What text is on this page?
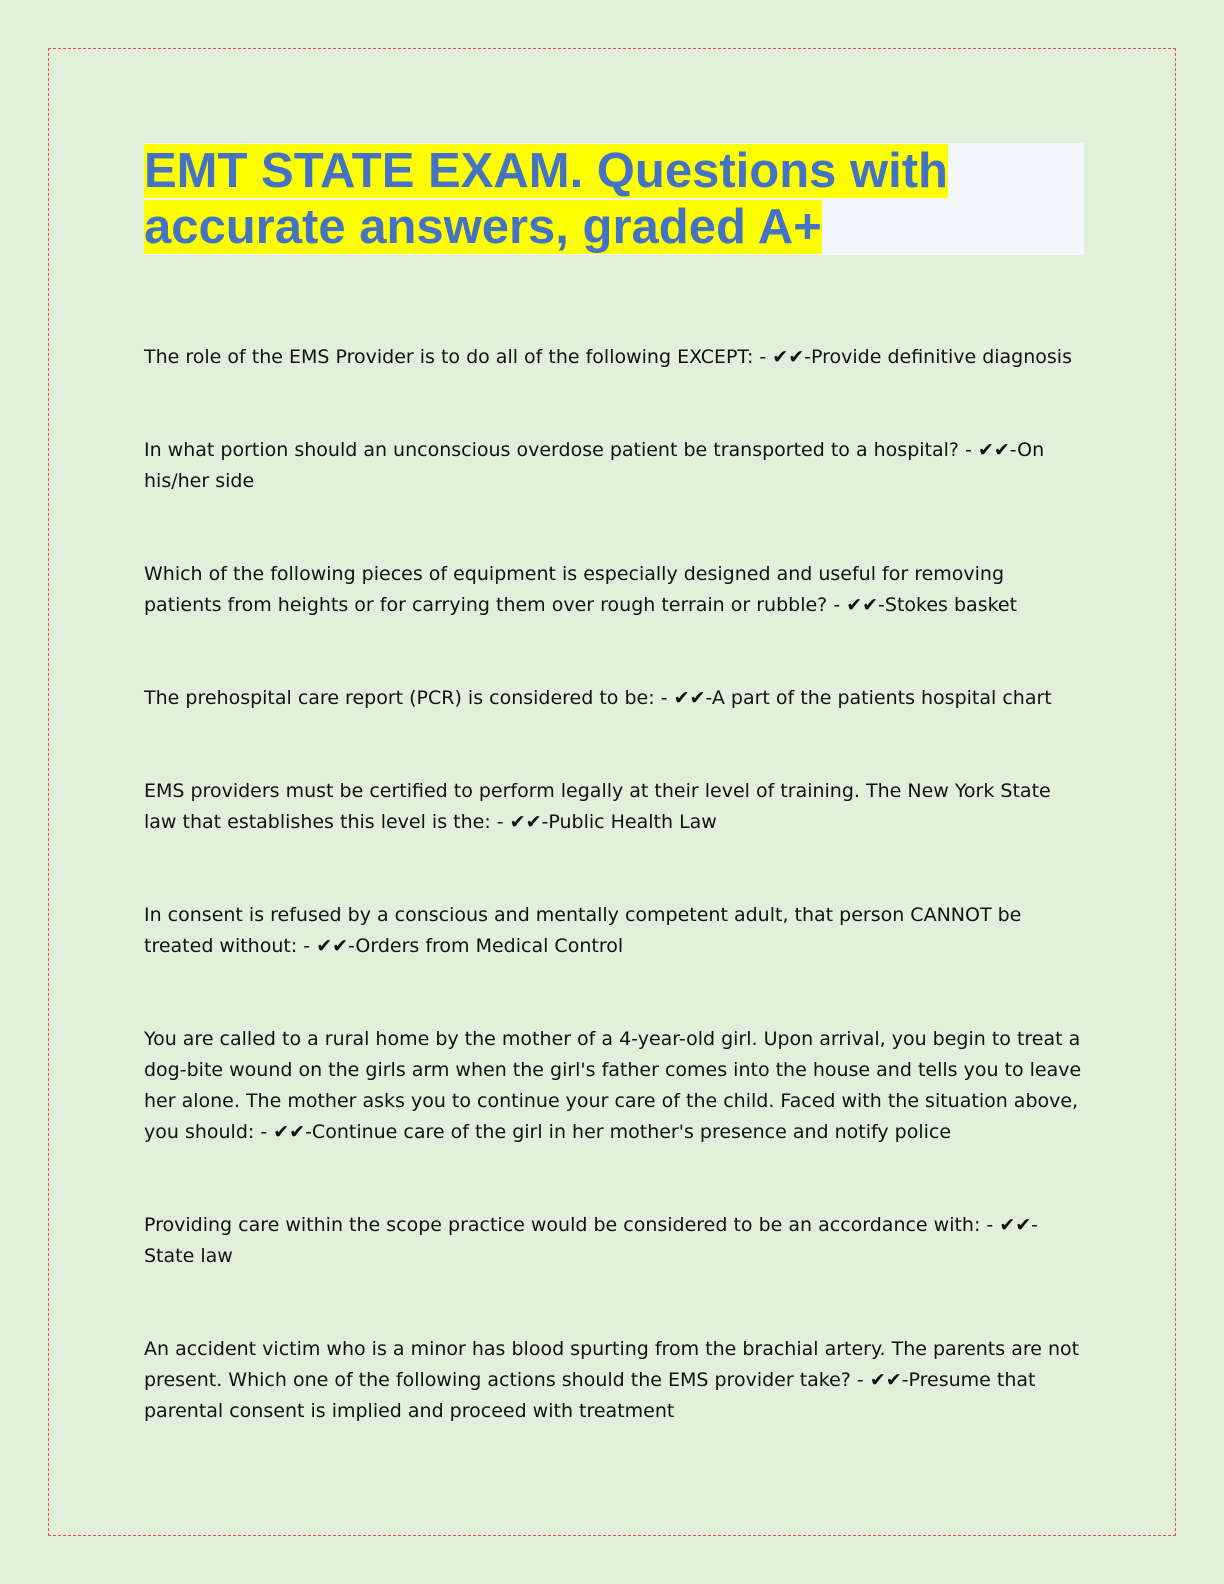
EMT STATE EXAM. Questions with
accurate answers, graded A+

The role of the EMS Provider is to do all of the following EXCEPT: - ✔✔-Provide definitive diagnosis

In what portion should an unconscious overdose patient be transported to a hospital? - ✔✔-On his/her side

Which of the following pieces of equipment is especially designed and useful for removing patients from heights or for carrying them over rough terrain or rubble? - ✔✔-Stokes basket

The prehospital care report (PCR) is considered to be: - ✔✔-A part of the patients hospital chart

EMS providers must be certified to perform legally at their level of training. The New York State law that establishes this level is the: - ✔✔-Public Health Law

In consent is refused by a conscious and mentally competent adult, that person CANNOT be treated without: - ✔✔-Orders from Medical Control

You are called to a rural home by the mother of a 4-year-old girl. Upon arrival, you begin to treat a dog-bite wound on the girls arm when the girl's father comes into the house and tells you to leave her alone. The mother asks you to continue your care of the child. Faced with the situation above, you should: - ✔✔-Continue care of the girl in her mother's presence and notify police

Providing care within the scope practice would be considered to be an accordance with: - ✔✔-State law

An accident victim who is a minor has blood spurting from the brachial artery. The parents are not present. Which one of the following actions should the EMS provider take? - ✔✔-Presume that parental consent is implied and proceed with treatment
